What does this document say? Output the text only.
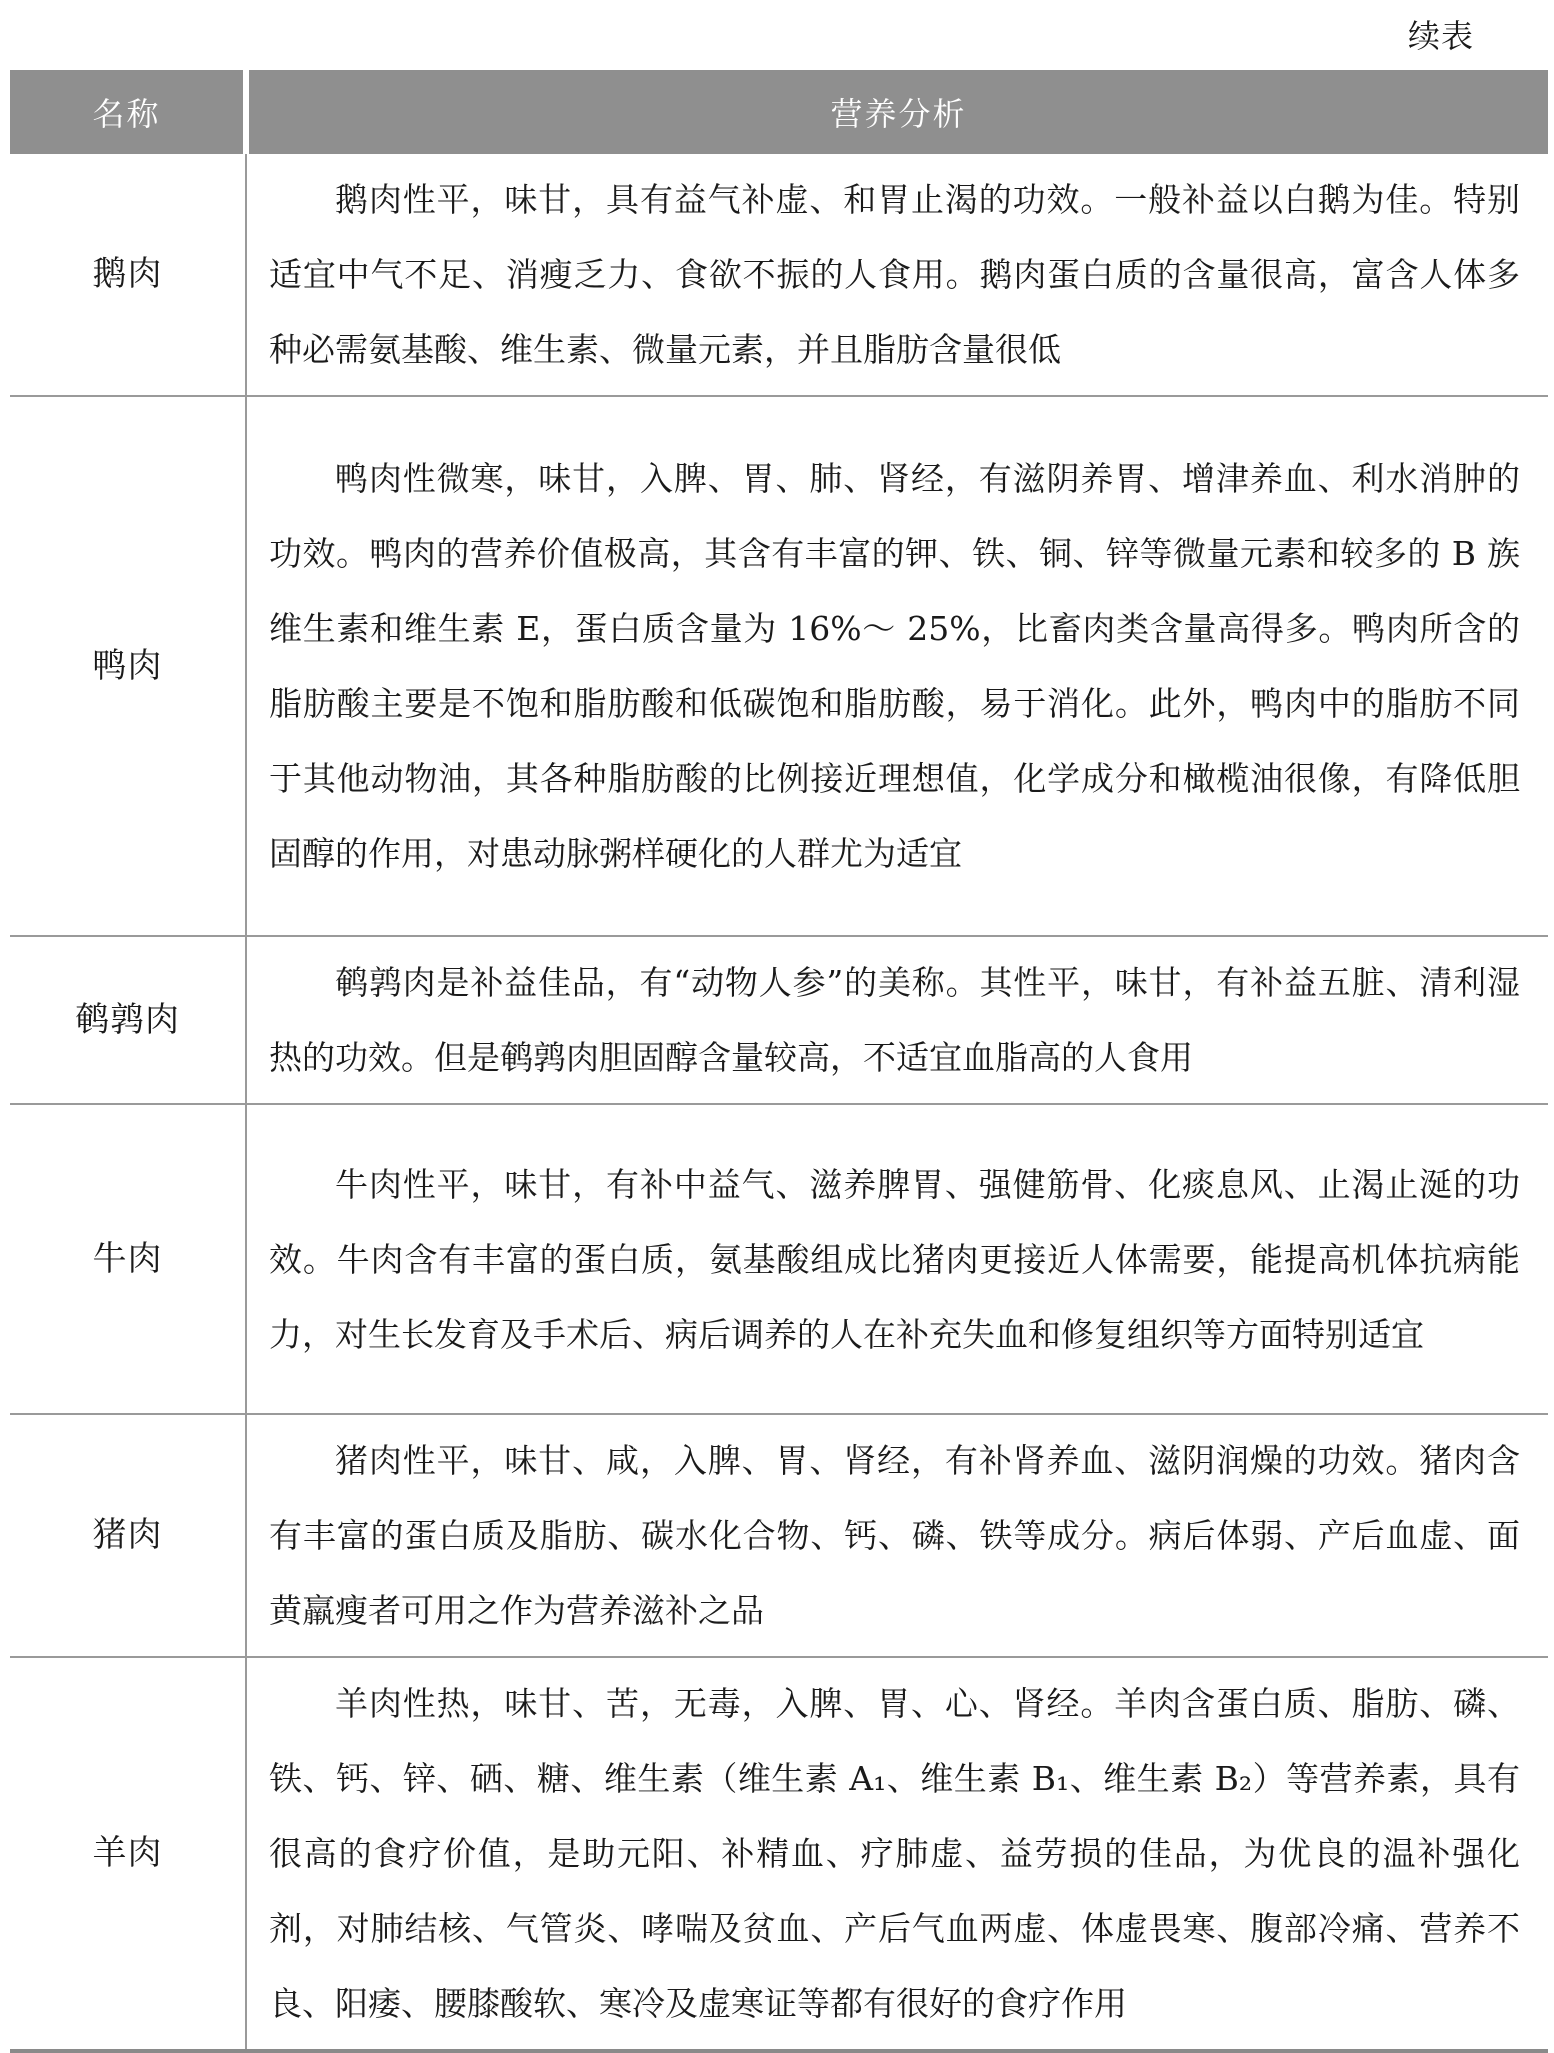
续表
名称	营养分析
鹅肉	鹅肉性平，味甘，具有益气补虚、和胃止渴的功效。一般补益以白鹅为佳。特别适宜中气不足、消瘦乏力、食欲不振的人食用。鹅肉蛋白质的含量很高，富含人体多种必需氨基酸、维生素、微量元素，并且脂肪含量很低

鸭肉	鸭肉性微寒，味甘，入脾、胃、肺、肾经，有滋阴养胃、增津养血、利水消肿的功效。鸭肉的营养价值极高，其含有丰富的钾、铁、铜、锌等微量元素和较多的 B 族维生素和维生素 E，蛋白质含量为 16%～ 25%，比畜肉类含量高得多。鸭肉所含的脂肪酸主要是不饱和脂肪酸和低碳饱和脂肪酸，易于消化。此外，鸭肉中的脂肪不同于其他动物油，其各种脂肪酸的比例接近理想值，化学成分和橄榄油很像，有降低胆固醇的作用，对患动脉粥样硬化的人群尤为适宜

鹌鹑肉	鹌鹑肉是补益佳品，有“动物人参”的美称。其性平，味甘，有补益五脏、清利湿热的功效。但是鹌鹑肉胆固醇含量较高，不适宜血脂高的人食用

牛肉	牛肉性平，味甘，有补中益气、滋养脾胃、强健筋骨、化痰息风、止渴止涎的功效。牛肉含有丰富的蛋白质，氨基酸组成比猪肉更接近人体需要，能提高机体抗病能力，对生长发育及手术后、病后调养的人在补充失血和修复组织等方面特别适宜

猪肉	猪肉性平，味甘、咸，入脾、胃、肾经，有补肾养血、滋阴润燥的功效。猪肉含有丰富的蛋白质及脂肪、碳水化合物、钙、磷、铁等成分。病后体弱、产后血虚、面黄羸瘦者可用之作为营养滋补之品

羊肉	羊肉性热，味甘、苦，无毒，入脾、胃、心、肾经。羊肉含蛋白质、脂肪、磷、铁、钙、锌、硒、糖、维生素（维生素 A₁、维生素 B₁、维生素 B₂）等营养素，具有很高的食疗价值，是助元阳、补精血、疗肺虚、益劳损的佳品，为优良的温补强化剂，对肺结核、气管炎、哮喘及贫血、产后气血两虚、体虚畏寒、腹部冷痛、营养不良、阳痿、腰膝酸软、寒冷及虚寒证等都有很好的食疗作用
